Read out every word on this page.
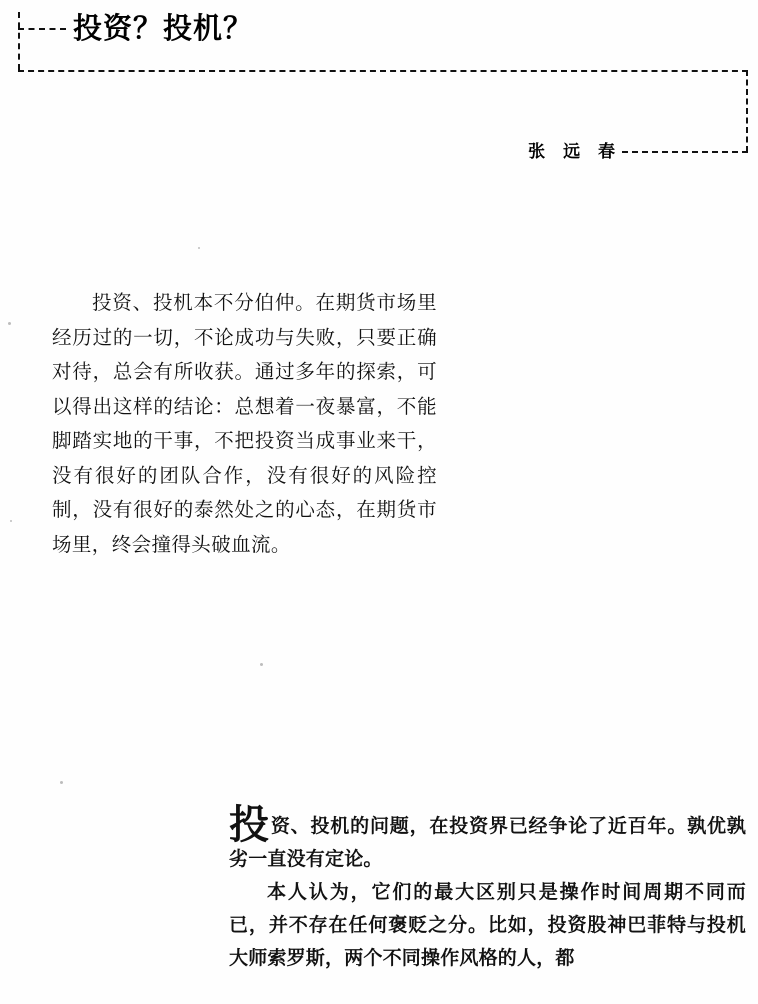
投资？投机？
张 远 春

投资、投机本不分伯仲。在期货市场里经历过的一切，不论成功与失败，只要正确对待，总会有所收获。通过多年的探索，可以得出这样的结论：总想着一夜暴富，不能脚踏实地的干事，不把投资当成事业来干，没有很好的团队合作，没有很好的风险控制，没有很好的泰然处之的心态，在期货市场里，终会撞得头破血流。

投资、投机的问题，在投资界已经争论了近百年。孰优孰劣一直没有定论。

本人认为，它们的最大区别只是操作时间周期不同而已，并不存在任何褒贬之分。比如，投资股神巴菲特与投机大师索罗斯，两个不同操作风格的人，都
